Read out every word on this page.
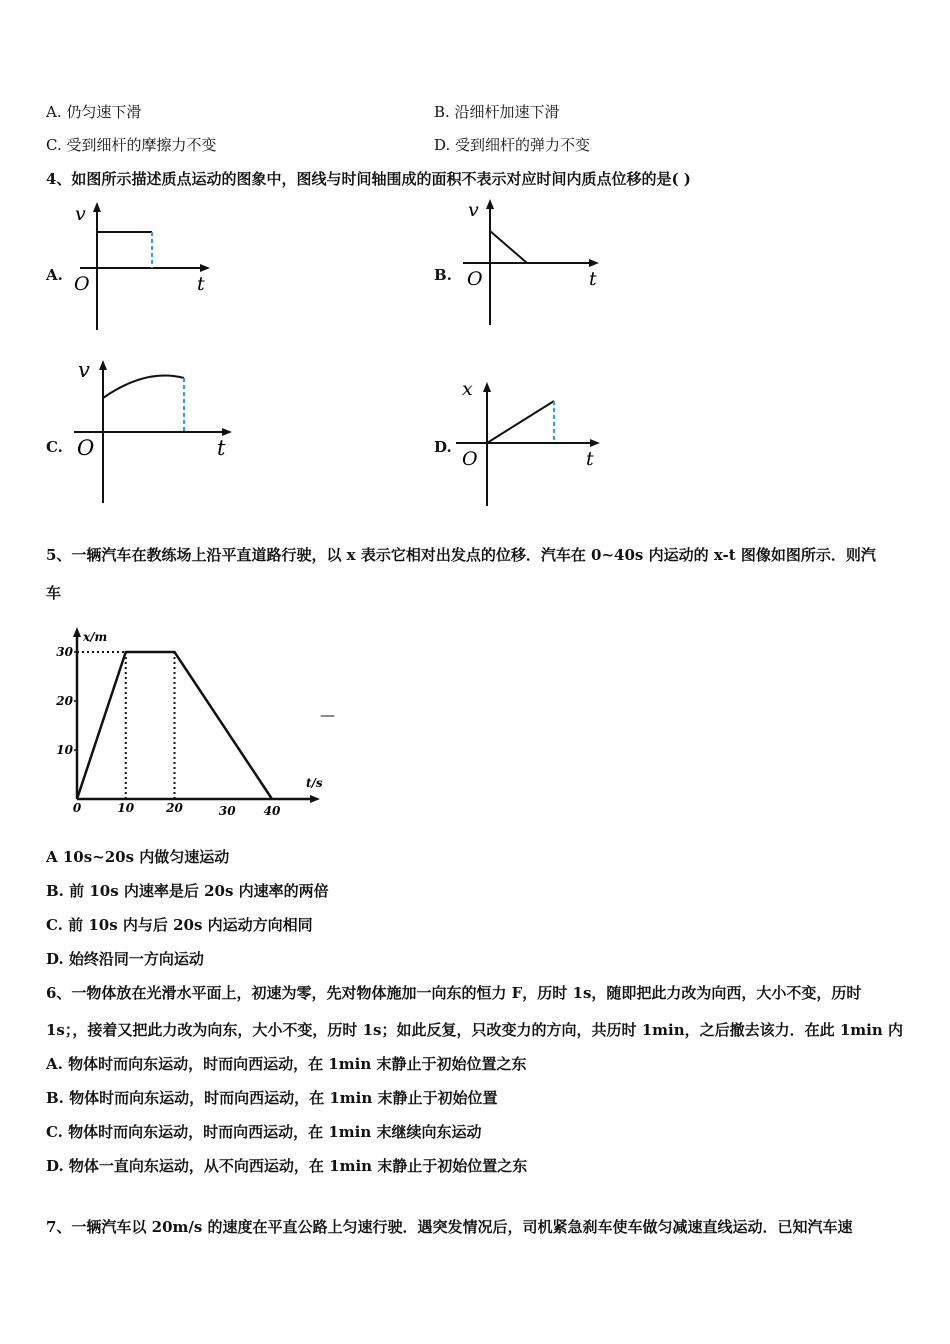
A. 仍匀速下滑	B. 沿细杆加速下滑
C. 受到细杆的摩擦力不变	D. 受到细杆的弹力不变
4、如图所示描述质点运动的图象中，图线与时间轴围成的面积不表示对应时间内质点位移的是( )
A.
v
O	t	B.
v
O	t
C.
v
O	t	D.
x
O	t
5、一辆汽车在教练场上沿平直道路行驶，以 x 表示它相对出发点的位移．汽车在 0~40s 内运动的 x-t 图像如图所示．则汽
车
0	10	20	30 40
10
20
30
x/m
t/s
—
A 10s~20s 内做匀速运动
B. 前 10s 内速率是后 20s 内速率的两倍
C. 前 10s 内与后 20s 内运动方向相同
D. 始终沿同一方向运动
6、一物体放在光滑水平面上，初速为零，先对物体施加一向东的恒力 F，历时 1s，随即把此力改为向西，大小不变，历时
1s；，接着又把此力改为向东，大小不变，历时 1s；如此反复，只改变力的方向，共历时 1min，之后撤去该力．在此 1min 内
A. 物体时而向东运动，时而向西运动，在 1min 末静止于初始位置之东
B. 物体时而向东运动，时而向西运动，在 1min 末静止于初始位置
C. 物体时而向东运动，时而向西运动，在 1min 末继续向东运动
D. 物体一直向东运动，从不向西运动，在 1min 末静止于初始位置之东
7、一辆汽车以 20m/s 的速度在平直公路上匀速行驶．遇突发情况后，司机紧急刹车使车做匀减速直线运动．已知汽车速
